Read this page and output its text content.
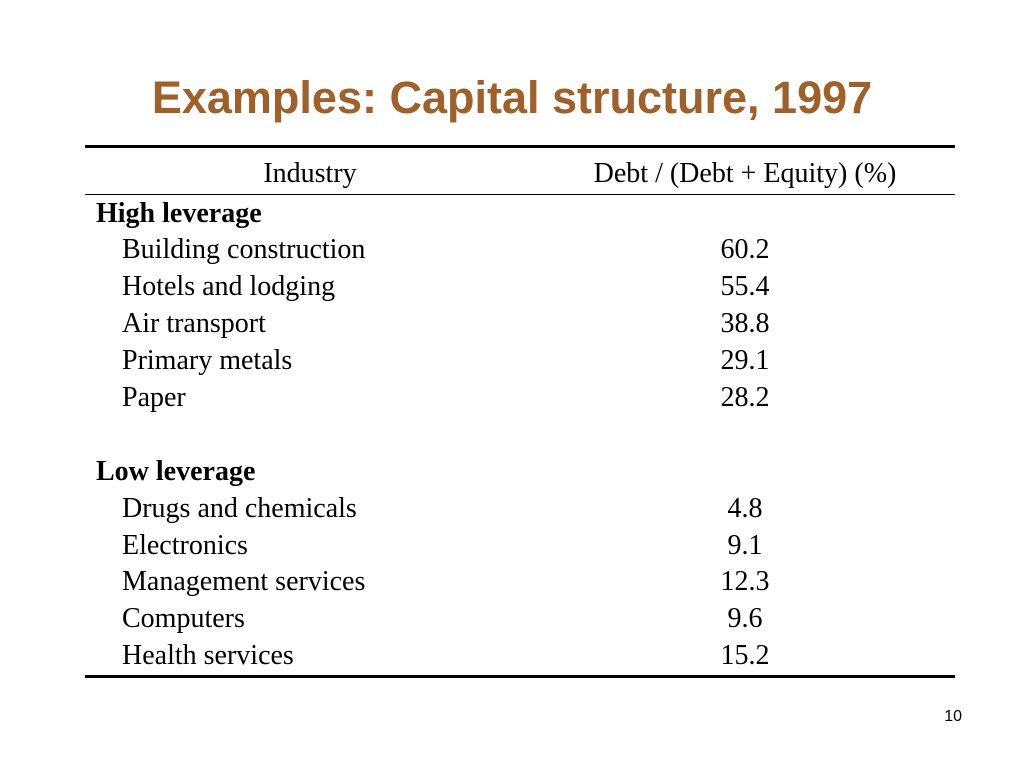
Examples: Capital structure, 1997
Industry	Debt / (Debt + Equity) (%)
High leverage
Building construction	60.2
Hotels and lodging	55.4
Air transport	38.8
Primary metals	29.1
Paper	28.2
Low leverage
Drugs and chemicals	4.8
Electronics	9.1
Management services	12.3
Computers	9.6
Health services	15.2
10
